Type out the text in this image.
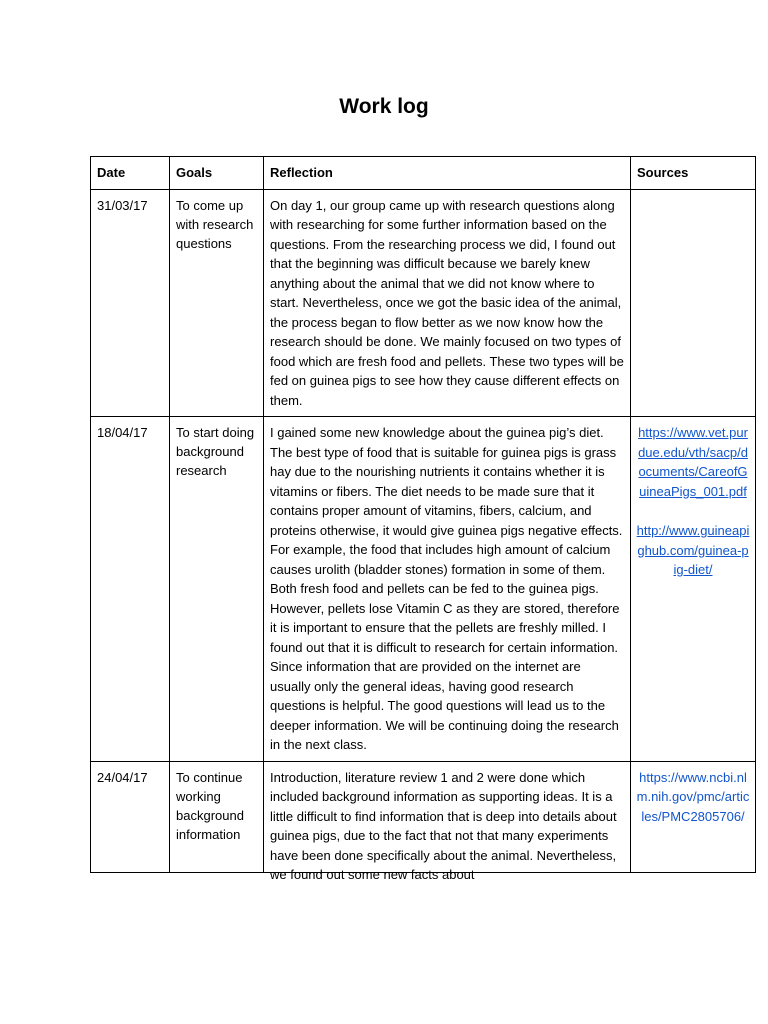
Work log
Date	Goals	Reflection	Sources
31/03/17	To come up with research questions	On day 1, our group came up with research questions along with researching for some further information based on the questions. From the researching process we did, I found out that the beginning was difficult because we barely knew anything about the animal that we did not know where to start. Nevertheless, once we got the basic idea of the animal, the process began to flow better as we now know how the research should be done. We mainly focused on two types of food which are fresh food and pellets. These two types will be fed on guinea pigs to see how they cause different effects on them.	
18/04/17	To start doing background research	I gained some new knowledge about the guinea pig’s diet. The best type of food that is suitable for guinea pigs is grass hay due to the nourishing nutrients it contains whether it is vitamins or fibers. The diet needs to be made sure that it contains proper amount of vitamins, fibers, calcium, and proteins otherwise, it would give guinea pigs negative effects. For example, the food that includes high amount of calcium causes urolith (bladder stones) formation in some of them. Both fresh food and pellets can be fed to the guinea pigs. However, pellets lose Vitamin C as they are stored, therefore it is important to ensure that the pellets are freshly milled. I found out that it is difficult to research for certain information. Since information that are provided on the internet are usually only the general ideas, having good research questions is helpful. The good questions will lead us to the deeper information. We will be continuing doing the research in the next class.	https://www.vet.purdue.edu/vth/sacp/documents/CareofGuineaPigs_001.pdf
http://www.guineapighub.com/guinea-pig-diet/

24/04/17	To continue working background information	Introduction, literature review 1 and 2 were done which included background information as supporting ideas. It is a little difficult to find information that is deep into details about guinea pigs, due to the fact that not that many experiments have been done specifically about the animal. Nevertheless, we found out some new facts about	https://www.ncbi.nlm.nih.gov/pmc/articles/PMC2805706/
